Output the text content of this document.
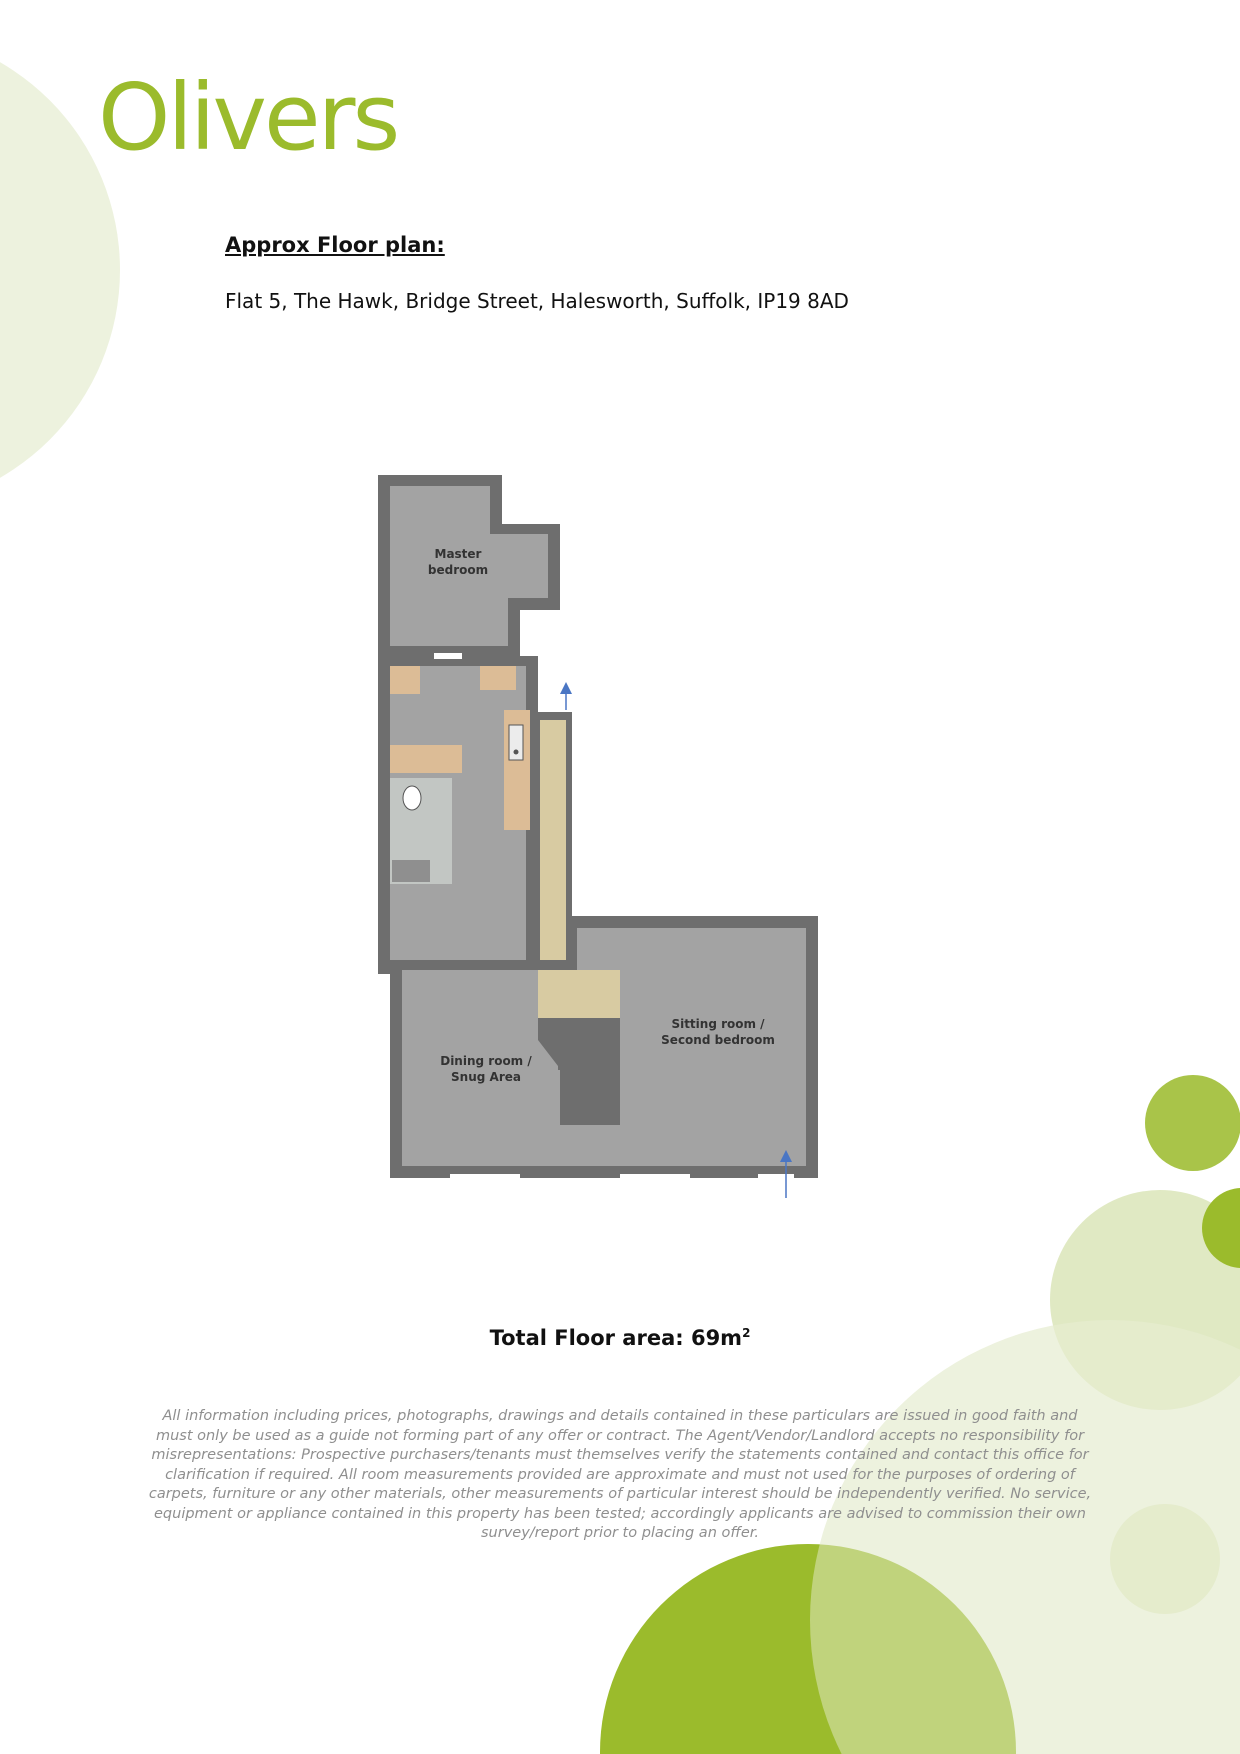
Olivers
Approx Floor plan:

Flat 5, The Hawk, Bridge Street, Halesworth, Suffolk, IP19 8AD

Master
bedroom
Sitting room /
Second bedroom
Dining room /
Snug Area

Total Floor area: $69m^2$

All information including prices, photographs, drawings and details contained in these particulars are issued in good faith and must only be used as a guide not forming part of any offer or contract. The Agent/Vendor/Landlord accepts no responsibility for misrepresentations: Prospective purchasers/tenants must themselves verify the statements contained and contact this office for clarification if required. All room measurements provided are approximate and must not used for the purposes of ordering of carpets, furniture or any other materials, other measurements of particular interest should be independently verified. No service, equipment or appliance contained in this property has been tested; accordingly applicants are advised to commission their own survey/report prior to placing an offer.
